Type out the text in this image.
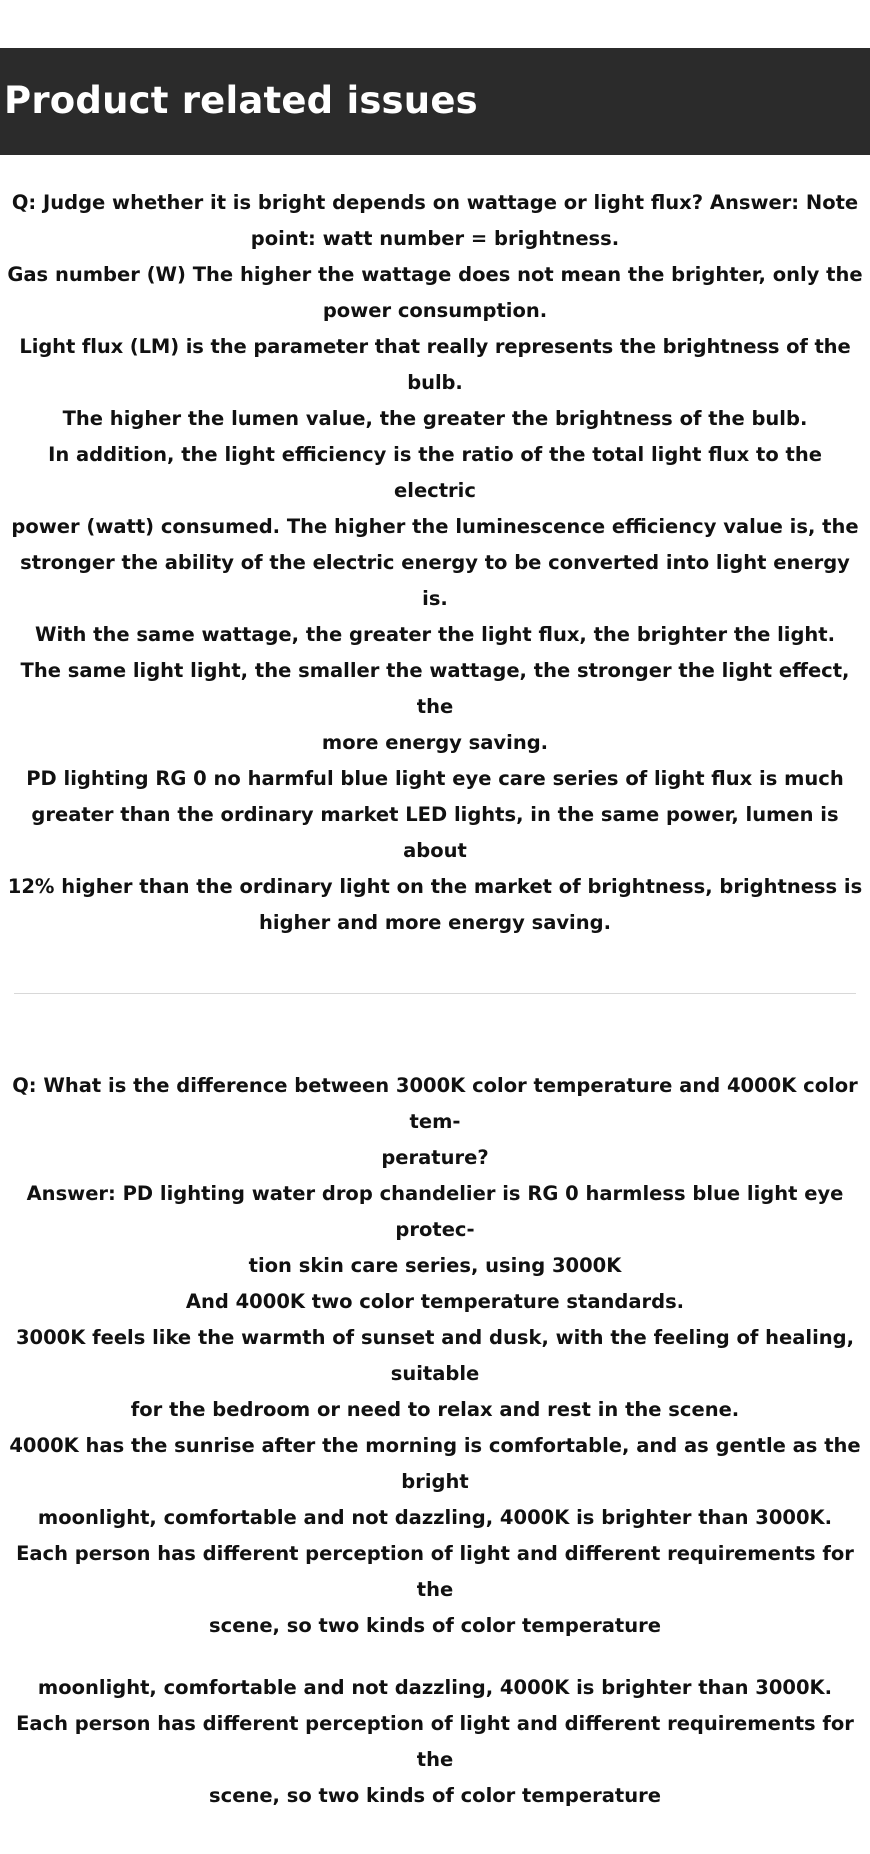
Product related issues

Q: Judge whether it is bright depends on wattage or light flux? Answer: Note

point: watt number = brightness.

Gas number (W) The higher the wattage does not mean the brighter, only the

power consumption.

Light flux (LM) is the parameter that really represents the brightness of the bulb.

The higher the lumen value, the greater the brightness of the bulb.

In addition, the light efficiency is the ratio of the total light flux to the electric

power (watt) consumed. The higher the luminescence efficiency value is, the

stronger the ability of the electric energy to be converted into light energy is.

With the same wattage, the greater the light flux, the brighter the light.

The same light light, the smaller the wattage, the stronger the light effect, the

more energy saving.

PD lighting RG 0 no harmful blue light eye care series of light flux is much

greater than the ordinary market LED lights, in the same power, lumen is about

12% higher than the ordinary light on the market of brightness, brightness is

higher and more energy saving.

Q: What is the difference between 3000K color temperature and 4000K color tem-

perature?

Answer: PD lighting water drop chandelier is RG 0 harmless blue light eye protec-

tion skin care series, using 3000K

And 4000K two color temperature standards.

3000K feels like the warmth of sunset and dusk, with the feeling of healing, suitable

for the bedroom or need to relax and rest in the scene.

4000K has the sunrise after the morning is comfortable, and as gentle as the bright

moonlight, comfortable and not dazzling, 4000K is brighter than 3000K.

Each person has different perception of light and different requirements for the

scene, so two kinds of color temperature

moonlight, comfortable and not dazzling, 4000K is brighter than 3000K.

Each person has different perception of light and different requirements for the

scene, so two kinds of color temperature
